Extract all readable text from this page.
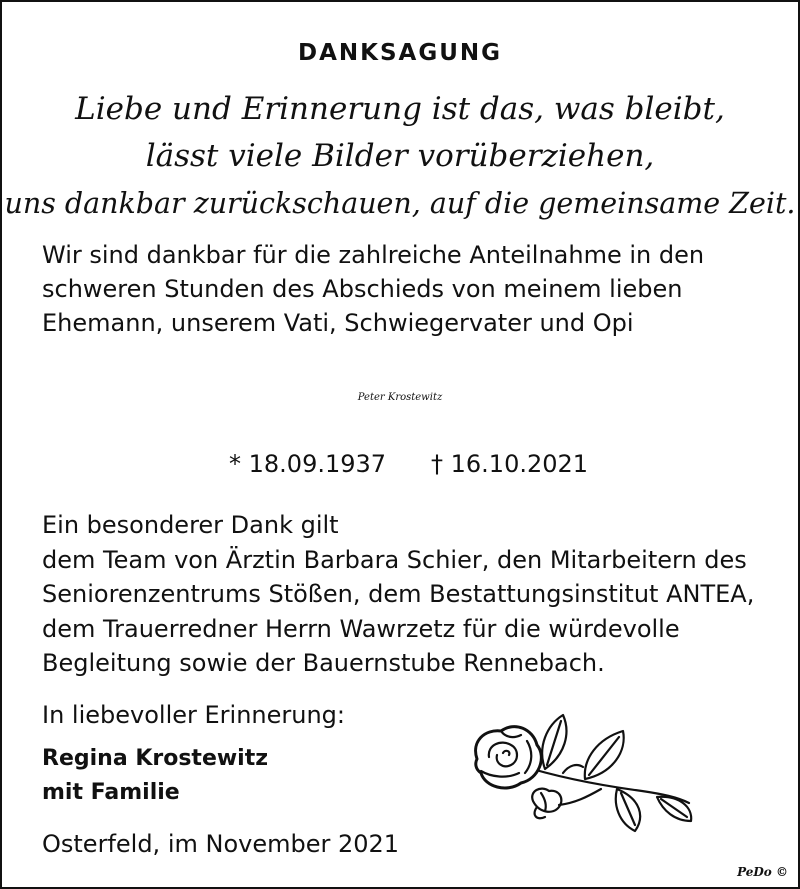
DANKSAGUNG
Liebe und Erinnerung ist das, was bleibt,
lässt viele Bilder vorüberziehen,
uns dankbar zurückschauen, auf die gemeinsame Zeit.
Wir sind dankbar für die zahlreiche Anteilnahme in den
schweren Stunden des Abschieds von meinem lieben
Ehemann, unserem Vati, Schwiegervater und Opi
Peter Krostewitz
* 18.09.1937 † 16.10.2021
Ein besonderer Dank gilt
dem Team von Ärztin Barbara Schier, den Mitarbeitern des
Seniorenzentrums Stößen, dem Bestattungsinstitut ANTEA,
dem Trauerredner Herrn Wawrzetz für die würdevolle
Begleitung sowie der Bauernstube Rennebach.
In liebevoller Erinnerung:
Regina Krostewitz
mit Familie
Osterfeld, im November 2021
PeDo ©
